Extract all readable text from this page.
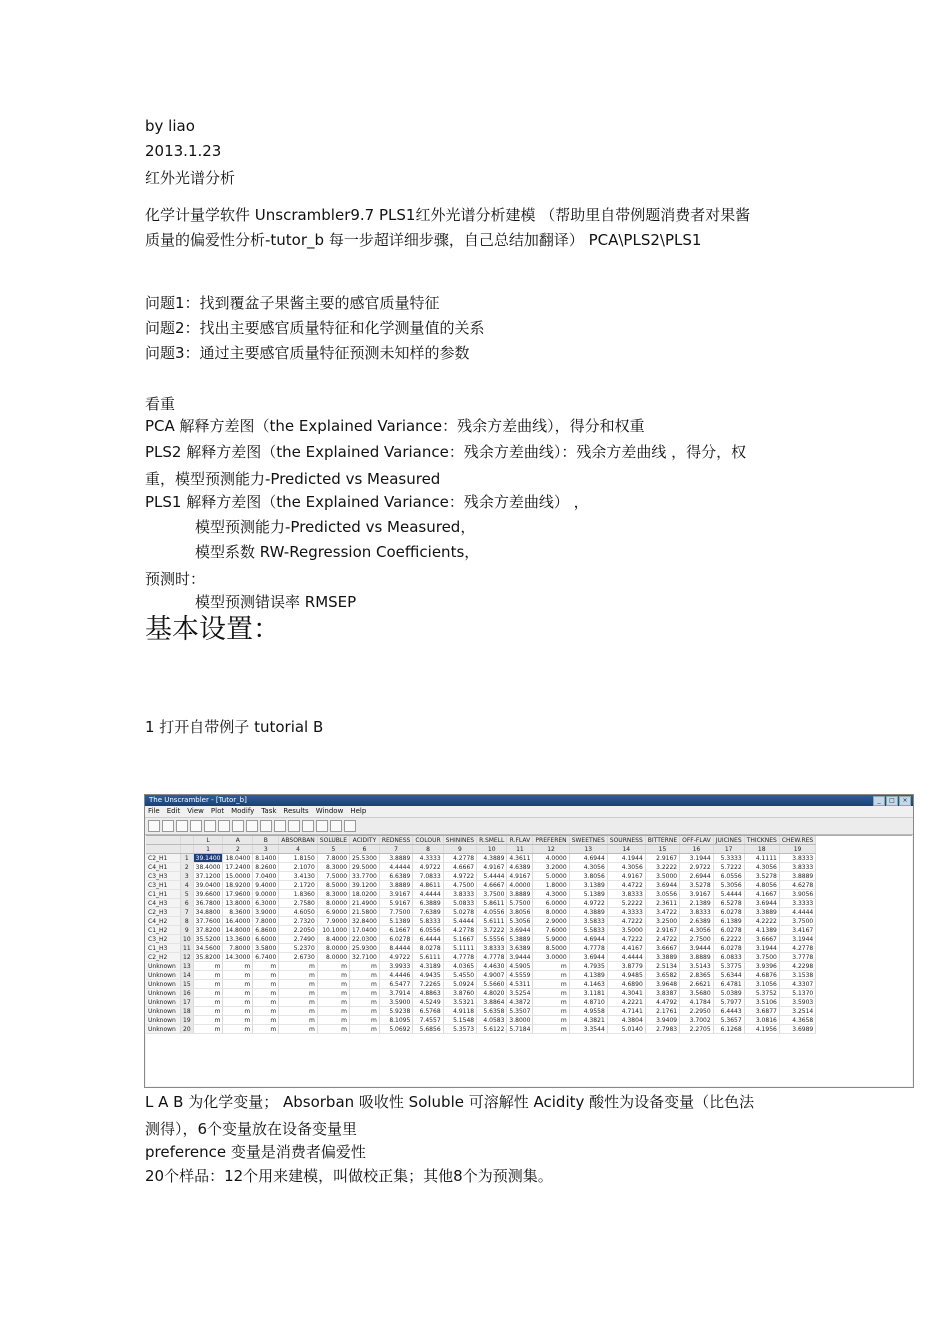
by liao
2013.1.23
红外光谱分析
化学计量学软件 Unscrambler9.7 PLS1红外光谱分析建模 （帮助里自带例题消费者对果酱
质量的偏爱性分析-tutor_b 每一步超详细步骤，自己总结加翻译） PCA\PLS2\PLS1
问题1：找到覆盆子果酱主要的感官质量特征
问题2：找出主要感官质量特征和化学测量值的关系
问题3：通过主要感官质量特征预测未知样的参数
看重
PCA 解释方差图（the Explained Variance：残余方差曲线），得分和权重
PLS2 解释方差图（the Explained Variance：残余方差曲线）：残余方差曲线 ，得分，权
重，模型预测能力-Predicted vs Measured
PLS1 解释方差图（the Explained Variance：残余方差曲线） ，
模型预测能力-Predicted vs Measured，
模型系数 RW-Regression Coefficients，
预测时：
模型预测错误率 RMSEP
基本设置：
1 打开自带例子 tutorial B
The Unscrambler - [Tutor_b]	_	□	×
File Edit View Plot Modify Task Results Window Help
		L	A	B	ABSORBAN	SOLUBLE	ACIDITY	REDNESS	COLOUR	SHININES	R.SMELL	R.FLAV	PREFEREN	SWEETNES	SOURNESS	BITTERNE	OFF-FLAV	JUICINES	THICKNES	CHEW.RES
		1	2	3	4	5	6	7	8	9	10	11	12	13	14	15	16	17	18	19
C2_H1	1	39.1400	18.0400	8.1400	1.8150	7.8000	25.5300	3.8889	4.3333	4.2778	4.3889	4.3611	4.0000	4.6944	4.1944	2.9167	3.1944	5.3333	4.1111	3.8333
C4_H1	2	38.4000	17.2400	8.2600	2.1070	8.3000	29.5000	4.4444	4.9722	4.6667	4.9167	4.6389	3.2000	4.3056	4.3056	3.2222	2.9722	5.7222	4.3056	3.8333
C3_H3	3	37.1200	15.0000	7.0400	3.4130	7.5000	33.7700	6.6389	7.0833	4.9722	5.4444	4.9167	5.0000	3.8056	4.9167	3.5000	2.6944	6.0556	3.5278	3.8889
C3_H1	4	39.0400	18.9200	9.4000	2.1720	8.5000	39.1200	3.8889	4.8611	4.7500	4.6667	4.0000	1.8000	3.1389	4.4722	3.6944	3.5278	5.3056	4.8056	4.6278
C1_H1	5	39.6600	17.9600	9.0000	1.8360	8.3000	18.0200	3.9167	4.4444	3.8333	3.7500	3.8889	4.3000	5.1389	3.8333	3.0556	3.9167	5.4444	4.1667	3.9056
C4_H3	6	36.7800	13.8000	6.3000	2.7580	8.0000	21.4900	5.9167	6.3889	5.0833	5.8611	5.7500	6.0000	4.9722	5.2222	2.3611	2.1389	6.5278	3.6944	3.3333
C2_H3	7	34.8800	8.3600	3.9000	4.6050	6.9000	21.5800	7.7500	7.6389	5.0278	4.0556	3.8056	8.0000	4.3889	4.3333	3.4722	3.8333	6.0278	3.3889	4.4444
C4_H2	8	37.7600	16.4000	7.8000	2.7320	7.9000	32.8400	5.1389	5.8333	5.4444	5.6111	5.3056	2.9000	3.5833	4.7222	3.2500	2.6389	6.1389	4.2222	3.7500
C1_H2	9	37.8200	14.8000	6.8600	2.2050	10.1000	17.0400	6.1667	6.0556	4.2778	3.7222	3.6944	7.6000	5.5833	3.5000	2.9167	4.3056	6.0278	4.1389	3.4167
C3_H2	10	35.5200	13.3600	6.6000	2.7490	8.4000	22.0300	6.0278	6.4444	5.1667	5.5556	5.3889	5.9000	4.6944	4.7222	2.4722	2.7500	6.2222	3.6667	3.1944
C1_H3	11	34.5600	7.8000	3.5800	5.2370	8.0000	25.9300	8.4444	8.0278	5.1111	3.8333	3.6389	8.5000	4.7778	4.4167	3.6667	3.9444	6.0278	3.1944	4.2778
C2_H2	12	35.8200	14.3000	6.7400	2.6730	8.0000	32.7100	4.9722	5.6111	4.7778	4.7778	3.9444	3.0000	3.6944	4.4444	3.3889	3.8889	6.0833	3.7500	3.7778
Unknown	13	m	m	m	m	m	m	3.9933	4.3189	4.0365	4.4630	4.5905	m	4.7935	3.8779	2.5134	3.5143	5.3775	3.9396	4.2298
Unknown	14	m	m	m	m	m	m	4.4446	4.9435	5.4550	4.9007	4.5559	m	4.1389	4.9485	3.6582	2.8365	5.6344	4.6876	3.1538
Unknown	15	m	m	m	m	m	m	6.5477	7.2265	5.0924	5.5660	4.5311	m	4.1463	4.6890	3.9648	2.6621	6.4781	3.1056	4.3307
Unknown	16	m	m	m	m	m	m	3.7914	4.8863	3.8760	4.8020	3.5254	m	3.1181	4.3041	3.8387	3.5680	5.0389	5.3752	5.1370
Unknown	17	m	m	m	m	m	m	3.5900	4.5249	3.5321	3.8864	4.3872	m	4.8710	4.2221	4.4792	4.1784	5.7977	3.5106	3.5903
Unknown	18	m	m	m	m	m	m	5.9238	6.5768	4.9118	5.6358	5.3507	m	4.9558	4.7141	2.1761	2.2950	6.4443	3.6877	3.2514
Unknown	19	m	m	m	m	m	m	8.1095	7.4557	5.1548	4.0583	3.8000	m	4.3821	4.3804	3.9409	3.7002	5.3657	3.0816	4.3658
Unknown	20	m	m	m	m	m	m	5.0692	5.6856	5.3573	5.6122	5.7184	m	3.3544	5.0140	2.7983	2.2705	6.1268	4.1956	3.6989
L A B 为化学变量； Absorban 吸收性 Soluble 可溶解性 Acidity 酸性为设备变量（比色法
测得），6个变量放在设备变量里
preference 变量是消费者偏爱性
20个样品：12个用来建模，叫做校正集；其他8个为预测集。
